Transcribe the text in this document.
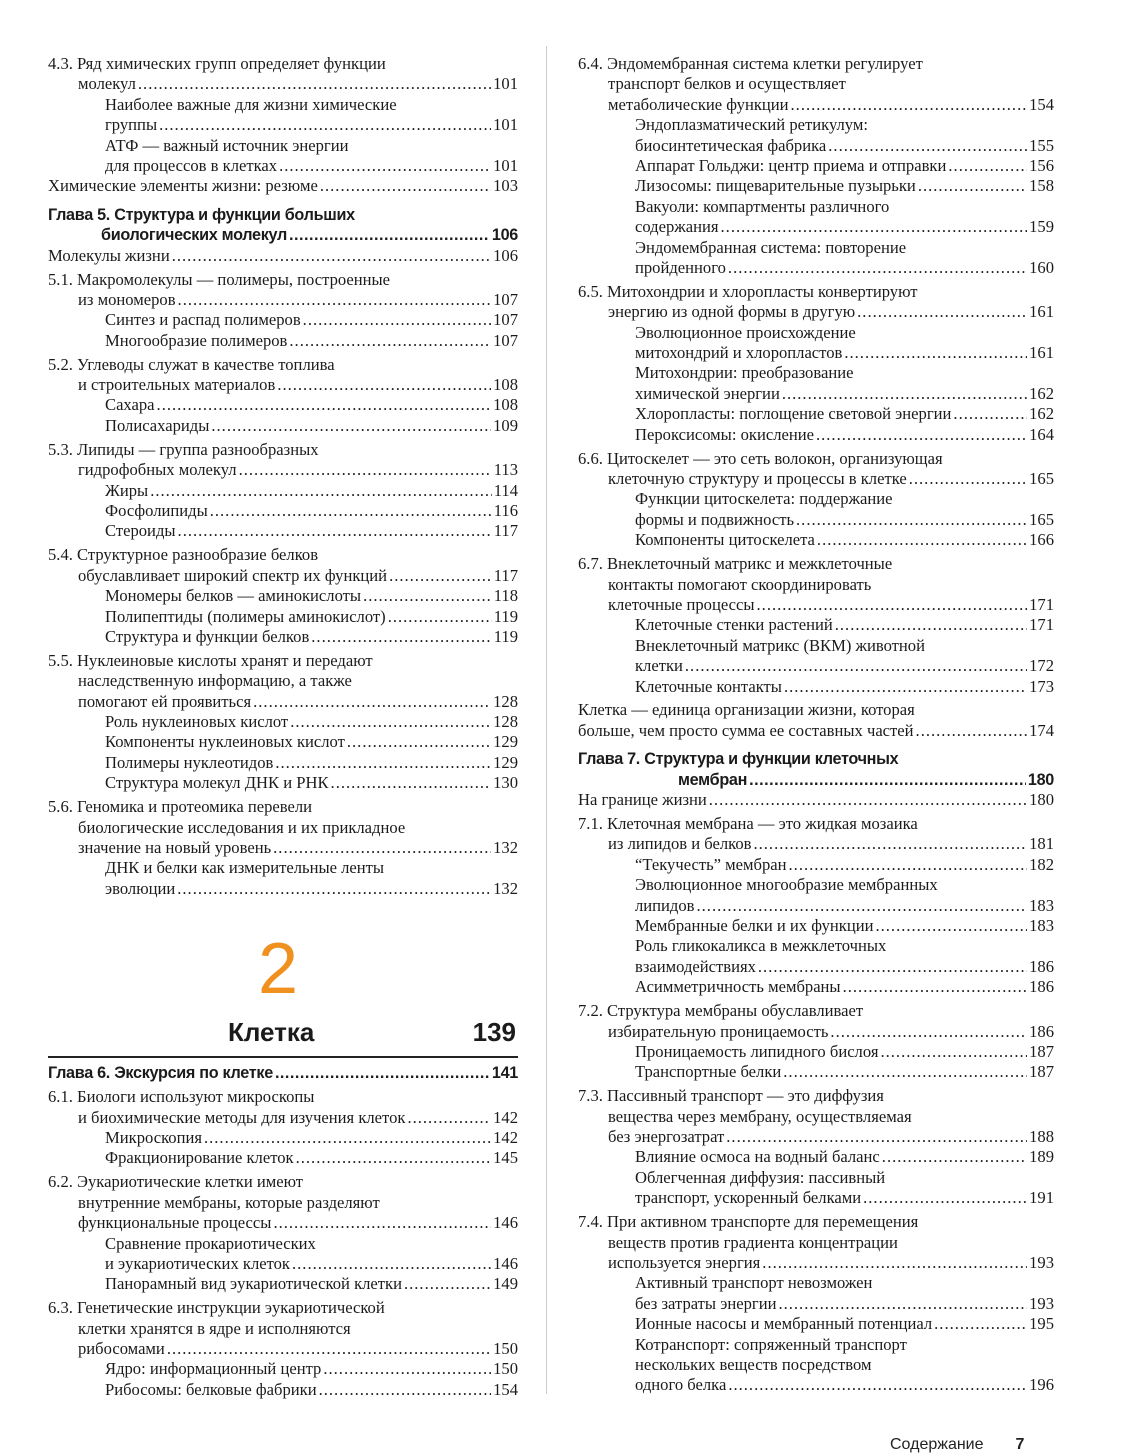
4.3. Ряд химических групп определяет функции
молекул .....	101
Наиболее важные для жизни химические
группы .....	101
АТФ — важный источник энергии
для процессов в клетках .....	101
Химические элементы жизни: резюме .....	103
Глава 5. Структура и функции больших
биологических молекул .....	106
Молекулы жизни .....	106
5.1. Макромолекулы — полимеры, построенные
из мономеров .....	107
Синтез и распад полимеров .....	107
Многообразие полимеров .....	107
5.2. Углеводы служат в качестве топлива
и строительных материалов .....	108
Сахара .....	108
Полисахариды .....	109
5.3. Липиды — группа разнообразных
гидрофобных молекул .....	113
Жиры .....	114
Фосфолипиды .....	116
Стероиды .....	117
5.4. Структурное разнообразие белков
обуславливает широкий спектр их функций .....	117
Мономеры белков — аминокислоты .....	118
Полипептиды (полимеры аминокислот) .....	119
Структура и функции белков .....	119
5.5. Нуклеиновые кислоты хранят и передают
наследственную информацию, а также
помогают ей проявиться .....	128
Роль нуклеиновых кислот .....	128
Компоненты нуклеиновых кислот .....	129
Полимеры нуклеотидов .....	129
Структура молекул ДНК и РНК .....	130
5.6. Геномика и протеомика перевели
биологические исследования и их прикладное
значение на новый уровень .....	132
ДНК и белки как измерительные ленты
эволюции .....	132
2
Клетка	139
Глава 6. Экскурсия по клетке .....	141
6.1. Биологи используют микроскопы
и биохимические методы для изучения клеток .....	142
Микроскопия .....	142
Фракционирование клеток .....	145
6.2. Эукариотические клетки имеют
внутренние мембраны, которые разделяют
функциональные процессы .....	146
Сравнение прокариотических
и эукариотических клеток .....	146
Панорамный вид эукариотической клетки .....	149
6.3. Генетические инструкции эукариотической
клетки хранятся в ядре и исполняются
рибосомами .....	150
Ядро: информационный центр .....	150
Рибосомы: белковые фабрики .....	154
6.4. Эндомембранная система клетки регулирует
транспорт белков и осуществляет
метаболические функции .....	154
Эндоплазматический ретикулум:
биосинтетическая фабрика .....	155
Аппарат Гольджи: центр приема и отправки .....	156
Лизосомы: пищеварительные пузырьки .....	158
Вакуоли: компартменты различного
содержания .....	159
Эндомембранная система: повторение
пройденного .....	160
6.5. Митохондрии и хлоропласты конвертируют
энергию из одной формы в другую .....	161
Эволюционное происхождение
митохондрий и хлоропластов .....	161
Митохондрии: преобразование
химической энергии .....	162
Хлоропласты: поглощение световой энергии .....	162
Пероксисомы: окисление .....	164
6.6. Цитоскелет — это сеть волокон, организующая
клеточную структуру и процессы в клетке .....	165
Функции цитоскелета: поддержание
формы и подвижность .....	165
Компоненты цитоскелета .....	166
6.7. Внеклеточный матрикс и межклеточные
контакты помогают скоординировать
клеточные процессы .....	171
Клеточные стенки растений .....	171
Внеклеточный матрикс (ВКМ) животной
клетки .....	172
Клеточные контакты .....	173
Клетка — единица организации жизни, которая
больше, чем просто сумма ее составных частей .....	174
Глава 7. Структура и функции клеточных
мембран .....	180
На границе жизни .....	180
7.1. Клеточная мембрана — это жидкая мозаика
из липидов и белков .....	181
“Текучесть” мембран .....	182
Эволюционное многообразие мембранных
липидов .....	183
Мембранные белки и их функции .....	183
Роль гликокаликса в межклеточных
взаимодействиях .....	186
Асимметричность мембраны .....	186
7.2. Структура мембраны обуславливает
избирательную проницаемость .....	186
Проницаемость липидного бислоя .....	187
Транспортные белки .....	187
7.3. Пассивный транспорт — это диффузия
вещества через мембрану, осуществляемая
без энергозатрат .....	188
Влияние осмоса на водный баланс .....	189
Облегченная диффузия: пассивный
транспорт, ускоренный белками .....	191
7.4. При активном транспорте для перемещения
веществ против градиента концентрации
используется энергия .....	193
Активный транспорт невозможен
без затраты энергии .....	193
Ионные насосы и мембранный потенциал .....	195
Котранспорт: сопряженный транспорт
нескольких веществ посредством
одного белка .....	196
Содержание 7
